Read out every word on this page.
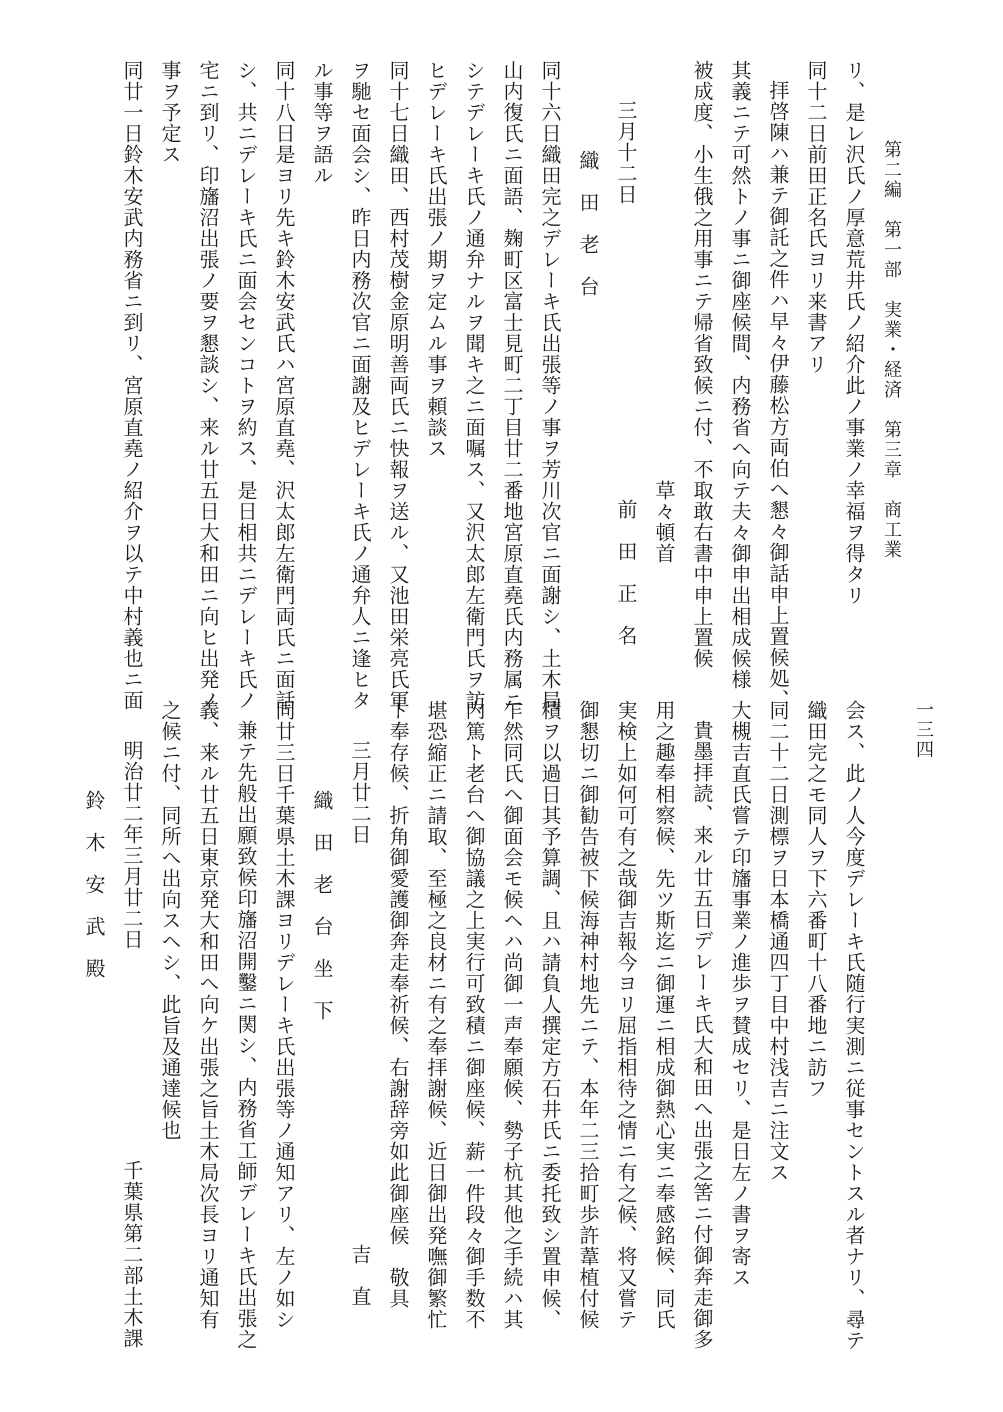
第二編　第一部　実業・経済　第三章　商工業
一三四

リ、是レ沢氏ノ厚意荒井氏ノ紹介此ノ事業ノ幸福ヲ得タリ

同十二日前田正名氏ヨリ来書アリ

拝啓陳ハ兼テ御託之件ハ早々伊藤松方両伯へ懇々御話申上置候処、

其義ニテ可然トノ事ニ御座候間、内務省へ向テ夫々御申出相成候様

被成度、小生俄之用事ニテ帰省致候ニ付、不取敢右書中申上置候

草々頓首

三月十二日　　　　　　　　　　　　　　前　田　正　名

織　田　老　台

同十六日織田完之デレーキ氏出張等ノ事ヲ芳川次官ニ面謝シ、土木局

山内復氏ニ面語、麹町区富士見町二丁目廿二番地宮原直堯氏内務属ニ

シテデレーキ氏ノ通弁ナルヲ聞キ之ニ面嘱ス、又沢太郎左衛門氏ヲ訪

ヒデレーキ氏出張ノ期ヲ定ムル事ヲ頼談ス

同十七日織田、西村茂樹金原明善両氏ニ快報ヲ送ル、又池田栄亮氏軍

ヲ馳セ面会シ、昨日内務次官ニ面謝及ヒデレーキ氏ノ通弁人ニ逢ヒタ

ル事等ヲ語ル

同十八日是ヨリ先キ鈴木安武氏ハ宮原直堯、沢太郎左衛門両氏ニ面話

シ、共ニデレーキ氏ニ面会センコトヲ約ス、是日相共ニデレーキ氏ノ

宅ニ到リ、印旛沼出張ノ要ヲ懇談シ、来ル廿五日大和田ニ向ヒ出発ノ

事ヲ予定ス

同廿一日鈴木安武内務省ニ到リ、宮原直堯ノ紹介ヲ以テ中村義也ニ面

会ス、此ノ人今度デレーキ氏随行実測ニ従事セントスル者ナリ、尋テ

織田完之モ同人ヲ下六番町十八番地ニ訪フ

同二十二日測標ヲ日本橋通四丁目中村浅吉ニ注文ス

大槻吉直氏嘗テ印旛事業ノ進歩ヲ賛成セリ、是日左ノ書ヲ寄ス

貴墨拝読、来ル廿五日デレーキ氏大和田へ出張之筈ニ付御奔走御多

用之趣奉相察候、先ツ斯迄ニ御運ニ相成御熱心実ニ奉感銘候、同氏

実検上如何可有之哉御吉報今ヨリ屈指相待之情ニ有之候、将又嘗テ

御懇切ニ御勧告被下候海神村地先ニテ、本年二三拾町歩許葦植付候

積ヲ以過日其予算調、且ハ請負人撰定方石井氏ニ委托致シ置申候、

乍然同氏へ御面会モ候ヘハ尚御一声奉願候、勢子杭其他之手続ハ其

内篤ト老台へ御協議之上実行可致積ニ御座候、薪一件段々御手数不

堪恐縮正ニ請取、至極之良材ニ有之奉拝謝候、近日御出発嘸御繁忙

ト奉存候、折角御愛護御奔走奉祈候、右謝辞旁如此御座候　敬具

三月廿二日　　　　　　　　　　　　　　　　　　　吉　直

織　田　老　台　坐　下

同廿三日千葉県土木課ヨリデレーキ氏出張等ノ通知アリ、左ノ如シ

兼テ先般出願致候印旛沼開鑿ニ関シ、内務省工師デレーキ氏出張之

義、来ル廿五日東京発大和田へ向ケ出張之旨土木局次長ヨリ通知有

之候ニ付、同所へ出向スヘシ、此旨及通達候也

明治廿二年三月廿二日　　　　　　　　　　千葉県第二部土木課

鈴　木　安　武　殿
